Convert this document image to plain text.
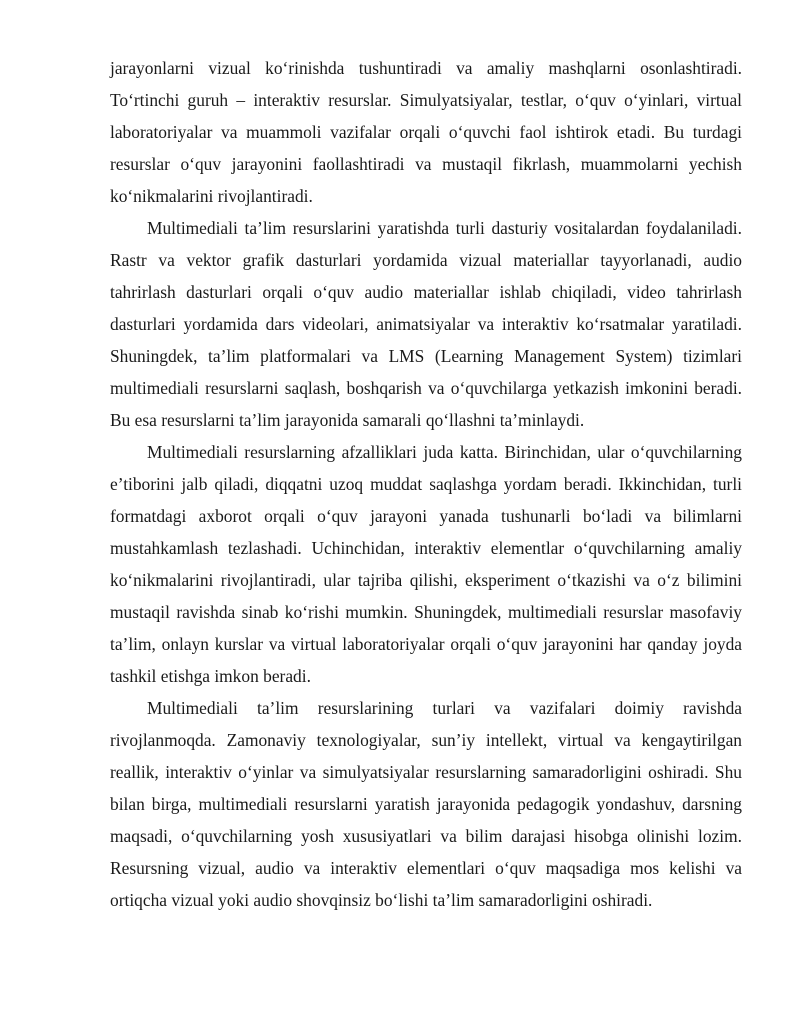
jarayonlarni vizual ko‘rinishda tushuntiradi va amaliy mashqlarni osonlashtiradi. To‘rtinchi guruh – interaktiv resurslar. Simulyatsiyalar, testlar, o‘quv o‘yinlari, virtual laboratoriyalar va muammoli vazifalar orqali o‘quvchi faol ishtirok etadi. Bu turdagi resurslar o‘quv jarayonini faollashtiradi va mustaqil fikrlash, muammolarni yechish ko‘nikmalarini rivojlantiradi.

Multimediali ta’lim resurslarini yaratishda turli dasturiy vositalardan foydalaniladi. Rastr va vektor grafik dasturlari yordamida vizual materiallar tayyorlanadi, audio tahrirlash dasturlari orqali o‘quv audio materiallar ishlab chiqiladi, video tahrirlash dasturlari yordamida dars videolari, animatsiyalar va interaktiv ko‘rsatmalar yaratiladi. Shuningdek, ta’lim platformalari va LMS (Learning Management System) tizimlari multimediali resurslarni saqlash, boshqarish va o‘quvchilarga yetkazish imkonini beradi. Bu esa resurslarni ta’lim jarayonida samarali qo‘llashni ta’minlaydi.

Multimediali resurslarning afzalliklari juda katta. Birinchidan, ular o‘quvchilarning e’tiborini jalb qiladi, diqqatni uzoq muddat saqlashga yordam beradi. Ikkinchidan, turli formatdagi axborot orqali o‘quv jarayoni yanada tushunarli bo‘ladi va bilimlarni mustahkamlash tezlashadi. Uchinchidan, interaktiv elementlar o‘quvchilarning amaliy ko‘nikmalarini rivojlantiradi, ular tajriba qilishi, eksperiment o‘tkazishi va o‘z bilimini mustaqil ravishda sinab ko‘rishi mumkin. Shuningdek, multimediali resurslar masofaviy ta’lim, onlayn kurslar va virtual laboratoriyalar orqali o‘quv jarayonini har qanday joyda tashkil etishga imkon beradi.

Multimediali ta’lim resurslarining turlari va vazifalari doimiy ravishda rivojlanmoqda. Zamonaviy texnologiyalar, sun’iy intellekt, virtual va kengaytirilgan reallik, interaktiv o‘yinlar va simulyatsiyalar resurslarning samaradorligini oshiradi. Shu bilan birga, multimediali resurslarni yaratish jarayonida pedagogik yondashuv, darsning maqsadi, o‘quvchilarning yosh xususiyatlari va bilim darajasi hisobga olinishi lozim. Resursning vizual, audio va interaktiv elementlari o‘quv maqsadiga mos kelishi va ortiqcha vizual yoki audio shovqinsiz bo‘lishi ta’lim samaradorligini oshiradi.
